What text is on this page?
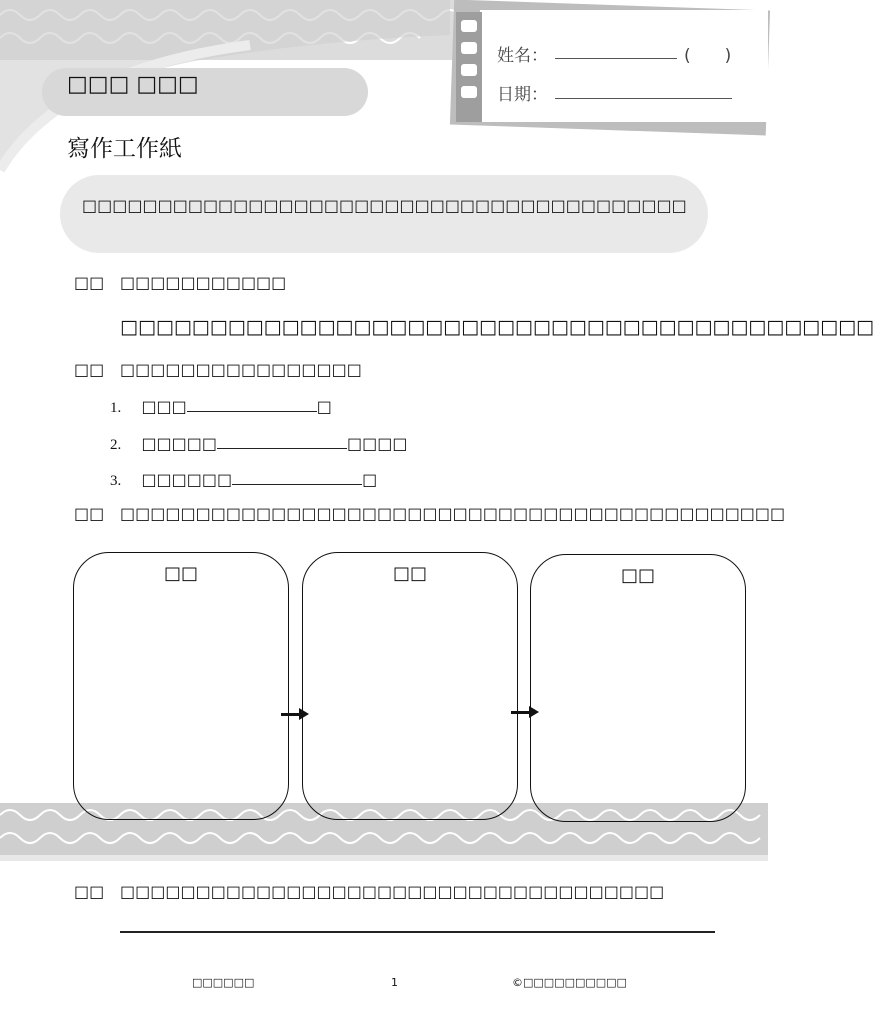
姓名：	(　　)
日期：
□□□ □□□
寫作工作紙
□□□□□□□□□□□□□□□□□□□□□□□□□□□□□□□□□□□□□□□□
□□ □□□□□□□□□□□
□□□□□□□□□□□□□□□□□□□□□□□□□□□□□□□□□□□□□□□□□□
□□ □□□□□□□□□□□□□□□□
1. □□□	□
2. □□□□□	□□□□
3. □□□□□□	□
□□ □□□□□□□□□□□□□□□□□□□□□□□□□□□□□□□□□□□□□□□□□□□□
□□	□□	□□
□□ □□□□□□□□□□□□□□□□□□□□□□□□□□□□□□□□□□□□
□□□□□□	1	©□□□□□□□□□□
